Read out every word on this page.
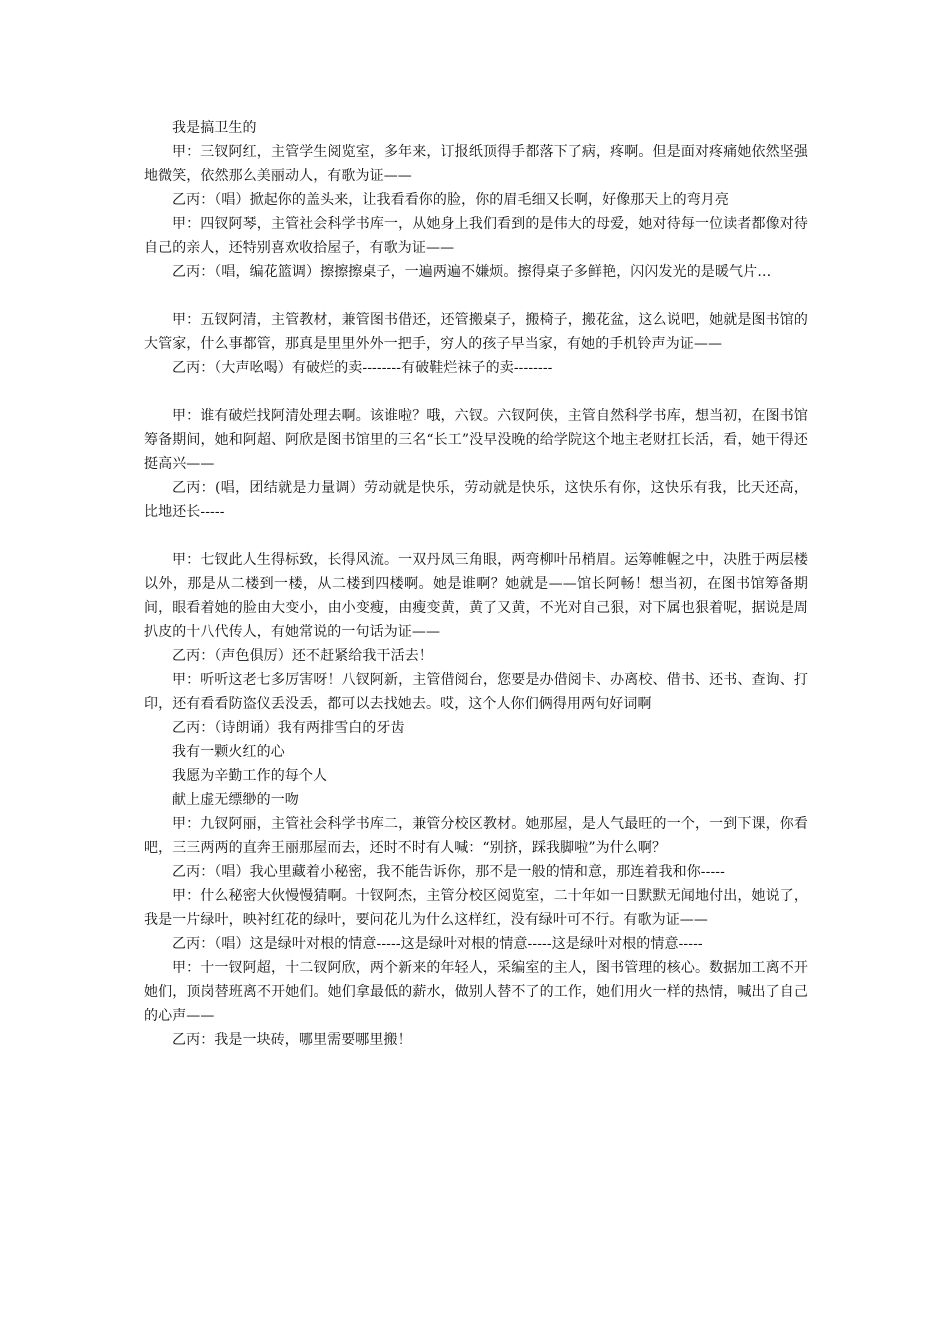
我是搞卫生的

甲：三钗阿红，主管学生阅览室，多年来，订报纸顶得手都落下了病，疼啊。但是面对疼痛她依然坚强地微笑，依然那么美丽动人，有歌为证——

乙丙：（唱）掀起你的盖头来，让我看看你的脸，你的眉毛细又长啊，好像那天上的弯月亮

甲：四钗阿琴，主管社会科学书库一，从她身上我们看到的是伟大的母爱，她对待每一位读者都像对待自己的亲人，还特别喜欢收拾屋子，有歌为证——

乙丙：（唱，编花篮调）擦擦擦桌子，一遍两遍不嫌烦。擦得桌子多鲜艳，闪闪发光的是暖气片…

甲：五钗阿清，主管教材，兼管图书借还，还管搬桌子，搬椅子，搬花盆，这么说吧，她就是图书馆的大管家，什么事都管，那真是里里外外一把手，穷人的孩子早当家，有她的手机铃声为证——

乙丙：（大声吆喝）有破烂的卖--------有破鞋烂袜子的卖--------

甲：谁有破烂找阿清处理去啊。该谁啦？哦，六钗。六钗阿侠，主管自然科学书库，想当初，在图书馆筹备期间，她和阿超、阿欣是图书馆里的三名“长工”没早没晚的给学院这个地主老财扛长活，看，她干得还挺高兴——

乙丙：(唱，团结就是力量调）劳动就是快乐，劳动就是快乐，这快乐有你，这快乐有我，比天还高，比地还长-----

甲：七钗此人生得标致，长得风流。一双丹凤三角眼，两弯柳叶吊梢眉。运筹帷幄之中，决胜于两层楼以外，那是从二楼到一楼，从二楼到四楼啊。她是谁啊？她就是——馆长阿畅！想当初，在图书馆筹备期间，眼看着她的脸由大变小，由小变瘦，由瘦变黄，黄了又黄，不光对自己狠，对下属也狠着呢，据说是周扒皮的十八代传人，有她常说的一句话为证——

乙丙：（声色俱厉）还不赶紧给我干活去！

甲：听听这老七多厉害呀！八钗阿新，主管借阅台，您要是办借阅卡、办离校、借书、还书、查询、打印，还有看看防盗仪丢没丢，都可以去找她去。哎，这个人你们俩得用两句好词啊

乙丙：（诗朗诵）我有两排雪白的牙齿

我有一颗火红的心

我愿为辛勤工作的每个人

献上虚无缥缈的一吻

甲：九钗阿丽，主管社会科学书库二，兼管分校区教材。她那屋，是人气最旺的一个，一到下课，你看吧，三三两两的直奔王丽那屋而去，还时不时有人喊：“别挤，踩我脚啦”为什么啊？

乙丙：（唱）我心里藏着小秘密，我不能告诉你，那不是一般的情和意，那连着我和你-----

甲：什么秘密大伙慢慢猜啊。十钗阿杰，主管分校区阅览室，二十年如一日默默无闻地付出，她说了，我是一片绿叶，映衬红花的绿叶，要问花儿为什么这样红，没有绿叶可不行。有歌为证——

乙丙：（唱）这是绿叶对根的情意-----这是绿叶对根的情意-----这是绿叶对根的情意-----

甲：十一钗阿超，十二钗阿欣，两个新来的年轻人，采编室的主人，图书管理的核心。数据加工离不开她们，顶岗替班离不开她们。她们拿最低的薪水，做别人替不了的工作，她们用火一样的热情，喊出了自己的心声——

乙丙：我是一块砖，哪里需要哪里搬！
